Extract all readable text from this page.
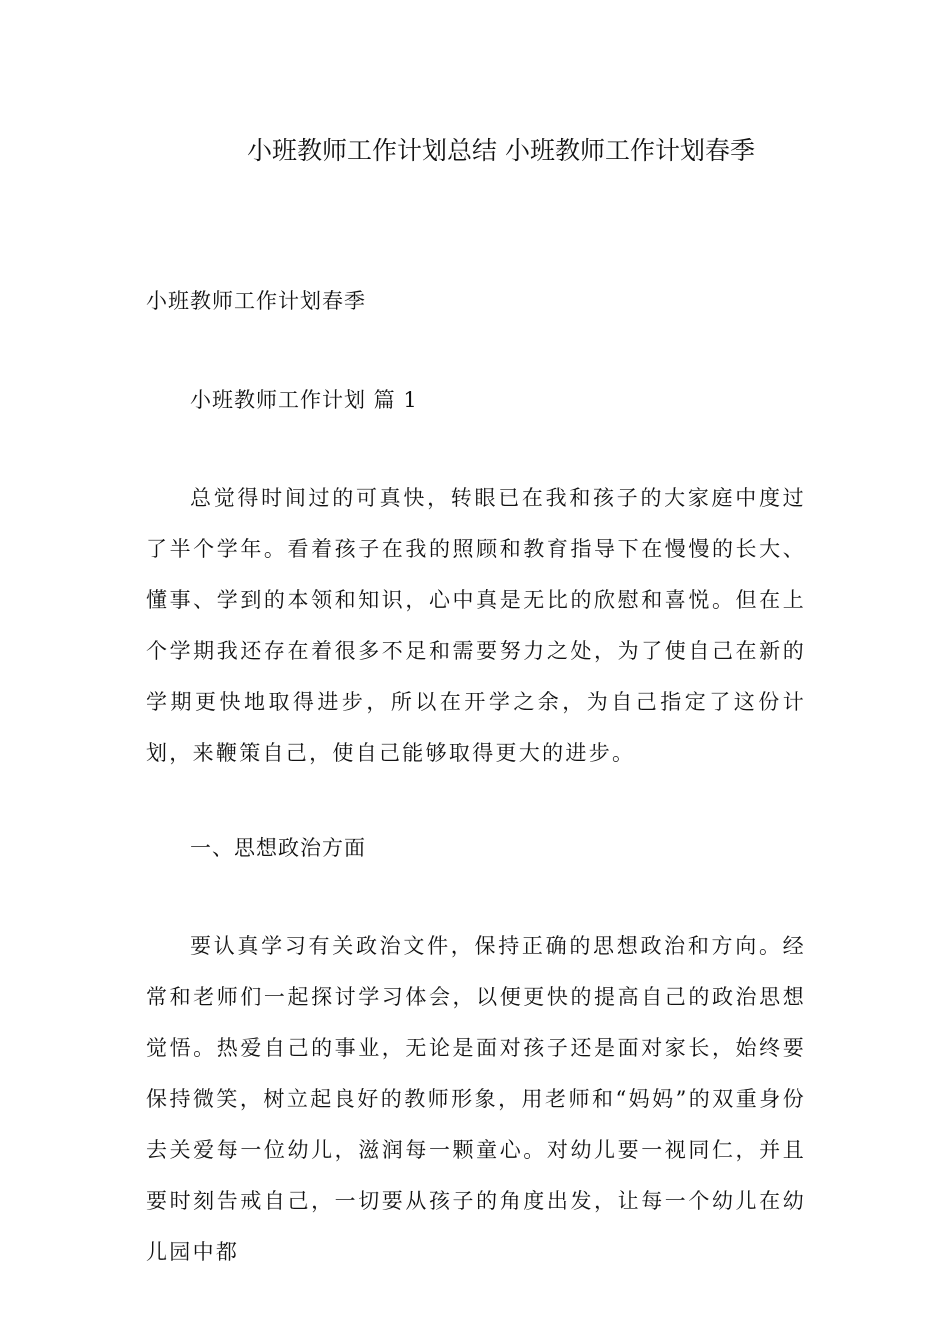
小班教师工作计划总结 小班教师工作计划春季
小班教师工作计划春季
小班教师工作计划 篇 1

总觉得时间过的可真快，转眼已在我和孩子的大家庭中度过了半个学年。看着孩子在我的照顾和教育指导下在慢慢的长大、懂事、学到的本领和知识，心中真是无比的欣慰和喜悦。但在上个学期我还存在着很多不足和需要努力之处，为了使自己在新的学期更快地取得进步，所以在开学之余，为自己指定了这份计划，来鞭策自己，使自己能够取得更大的进步。

一、思想政治方面

要认真学习有关政治文件，保持正确的思想政治和方向。经常和老师们一起探讨学习体会，以便更快的提高自己的政治思想觉悟。热爱自己的事业，无论是面对孩子还是面对家长，始终要保持微笑，树立起良好的教师形象，用老师和“妈妈”的双重身份去关爱每一位幼儿，滋润每一颗童心。对幼儿要一视同仁，并且要时刻告戒自己，一切要从孩子的角度出发，让每一个幼儿在幼儿园中都
